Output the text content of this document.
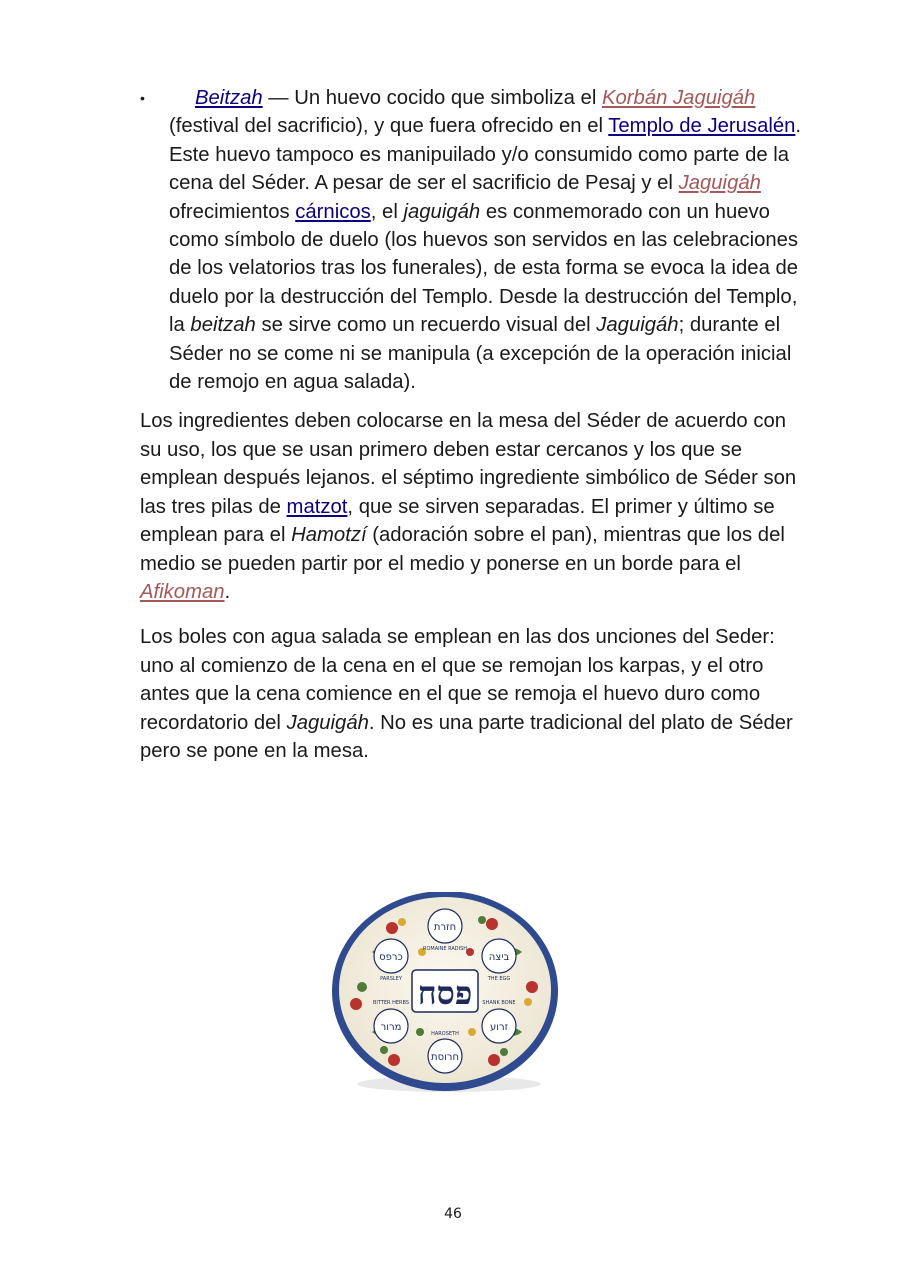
• Beitzah — Un huevo cocido que simboliza el Korbán Jaguigáh (festival del sacrificio), y que fuera ofrecido en el Templo de Jerusalén. Este huevo tampoco es manipuilado y/o consumido como parte de la cena del Séder. A pesar de ser el sacrificio de Pesaj y el Jaguigáh ofrecimientos cárnicos, el jaguigáh es conmemorado con un huevo como símbolo de duelo (los huevos son servidos en las celebraciones de los velatorios tras los funerales), de esta forma se evoca la idea de duelo por la destrucción del Templo. Desde la destrucción del Templo, la beitzah se sirve como un recuerdo visual del Jaguigáh; durante el Séder no se come ni se manipula (a excepción de la operación inicial de remojo en agua salada).

Los ingredientes deben colocarse en la mesa del Séder de acuerdo con su uso, los que se usan primero deben estar cercanos y los que se emplean después lejanos. el séptimo ingrediente simbólico de Séder son las tres pilas de matzot, que se sirven separadas. El primer y último se emplean para el Hamotzí (adoración sobre el pan), mientras que los del medio se pueden partir por el medio y ponerse en un borde para el Afikoman.

Los boles con agua salada se emplean en las dos unciones del Seder: uno al comienzo de la cena en el que se remojan los karpas, y el otro antes que la cena comience en el que se remoja el huevo duro como recordatorio del Jaguigáh. No es una parte tradicional del plato de Séder pero se pone en la mesa.

חזרת
ROMAINE RADISH
ביצה
THE EGG
זרוע
SHANK BONE
חרוסת
HAROSETH
מרור
BITTER HERBS
כרפס
PARSLEY פסח
46
